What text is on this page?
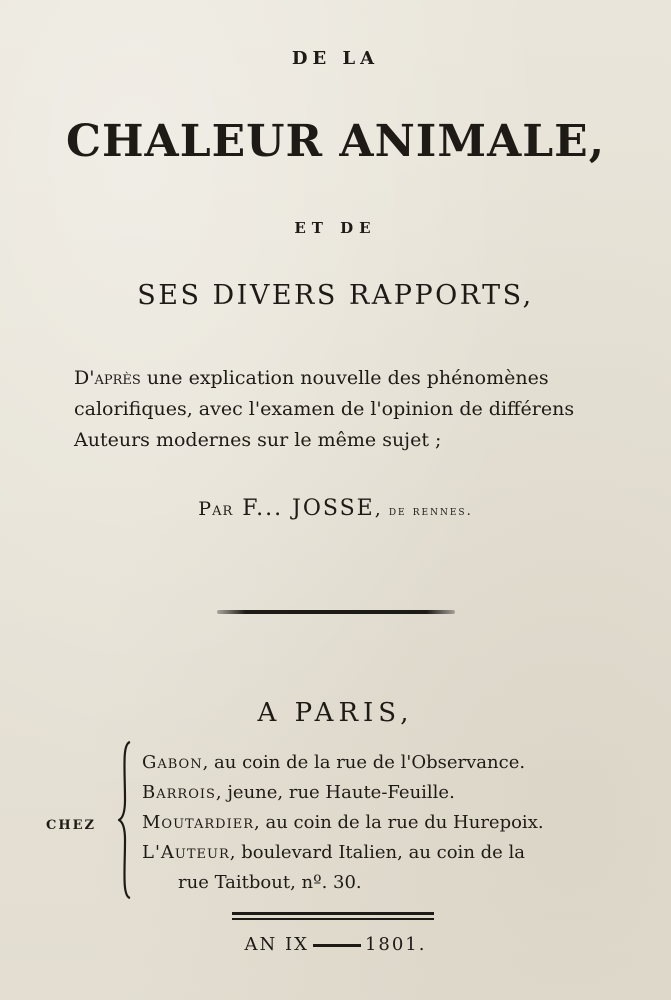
DE LA
CHALEUR ANIMALE,
ET DE
SES DIVERS RAPPORTS,
D'après une explication nouvelle des phénomènes
calorifiques, avec l'examen de l'opinion de différens
Auteurs modernes sur le même sujet ;
Par F... JOSSE, de rennes.
A PARIS,
CHEZ
Gabon, au coin de la rue de l'Observance.
Barrois, jeune, rue Haute-Feuille.
Moutardier, au coin de la rue du Hurepoix.
L'Auteur, boulevard Italien, au coin de la
rue Taitbout, nº. 30.
AN IX	1801.
